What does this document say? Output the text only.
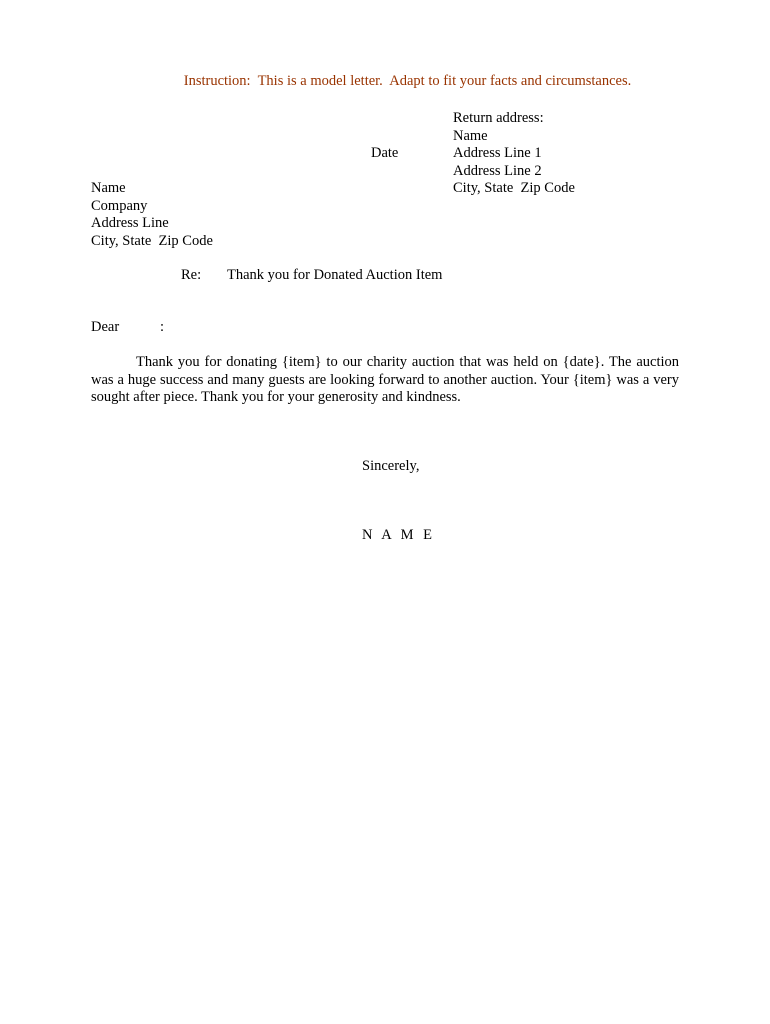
Instruction:  This is a model letter.  Adapt to fit your facts and circumstances.
Return address:
Name
Address Line 1
Address Line 2
City, State  Zip Code
Date
Name
Company
Address Line
City, State  Zip Code
Re: Thank you for Donated Auction Item
Dear	:
Thank you for donating {item} to our charity auction that was held on {date}. The auction was a huge success and many guests are looking forward to another auction. Your {item} was a very sought after piece. Thank you for your generosity and kindness.
Sincerely,
N A M E
